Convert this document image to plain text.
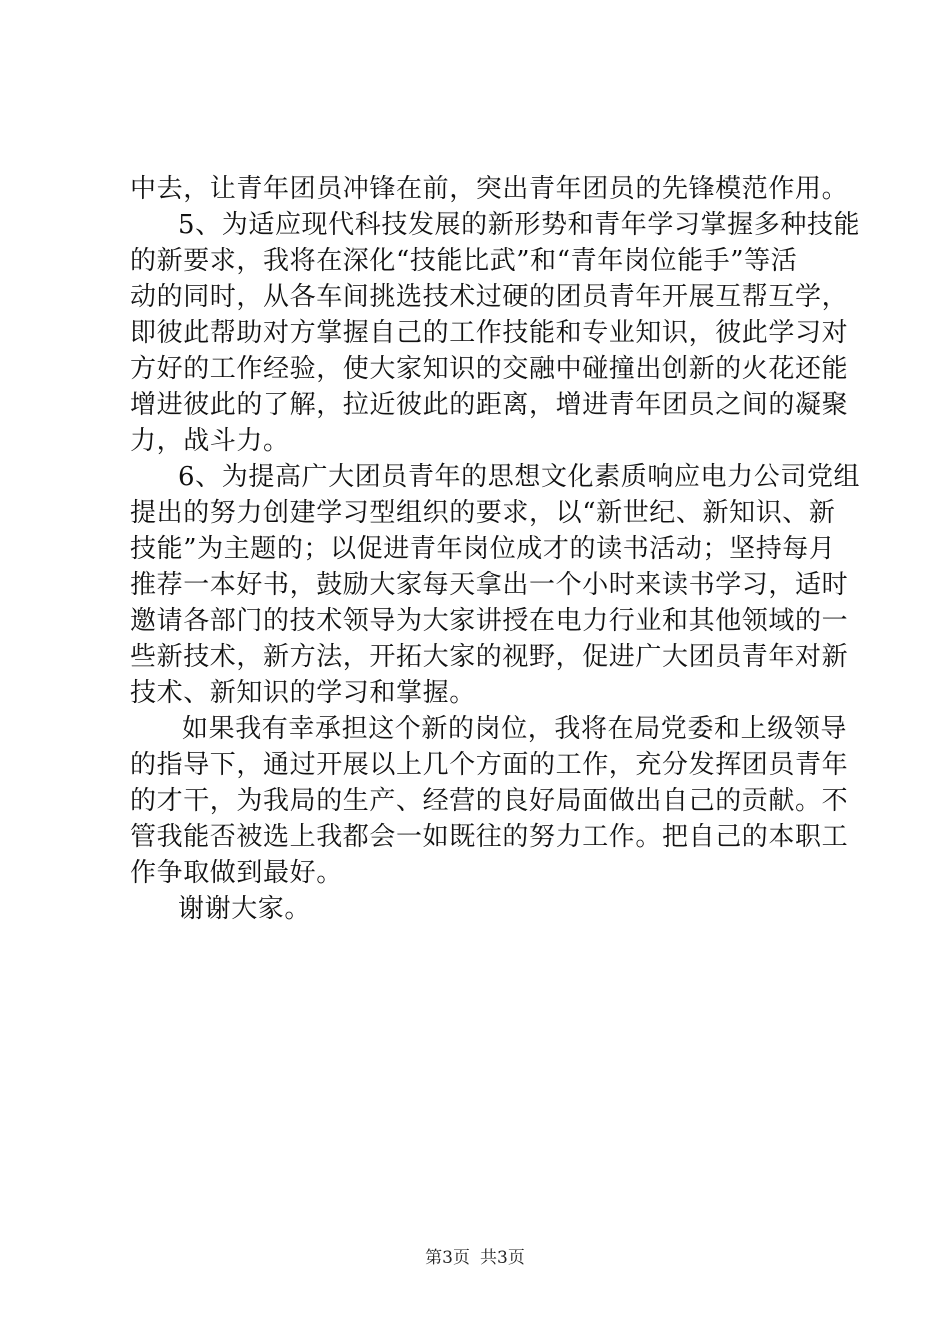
中去，让青年团员冲锋在前，突出青年团员的先锋模范作用。
5、为适应现代科技发展的新形势和青年学习掌握多种技能
的新要求，我将在深化“技能比武”和“青年岗位能手”等活
动的同时，从各车间挑选技术过硬的团员青年开展互帮互学，
即彼此帮助对方掌握自己的工作技能和专业知识，彼此学习对
方好的工作经验，使大家知识的交融中碰撞出创新的火花还能
增进彼此的了解，拉近彼此的距离，增进青年团员之间的凝聚
力，战斗力。
6、为提高广大团员青年的思想文化素质响应电力公司党组
提出的努力创建学习型组织的要求，以“新世纪、新知识、新
技能”为主题的；以促进青年岗位成才的读书活动；坚持每月
推荐一本好书，鼓励大家每天拿出一个小时来读书学习，适时
邀请各部门的技术领导为大家讲授在电力行业和其他领域的一
些新技术，新方法，开拓大家的视野，促进广大团员青年对新
技术、新知识的学习和掌握。
如果我有幸承担这个新的岗位，我将在局党委和上级领导
的指导下，通过开展以上几个方面的工作，充分发挥团员青年
的才干，为我局的生产、经营的良好局面做出自己的贡献。不
管我能否被选上我都会一如既往的努力工作。把自己的本职工
作争取做到最好。
谢谢大家。
第3页 共3页
